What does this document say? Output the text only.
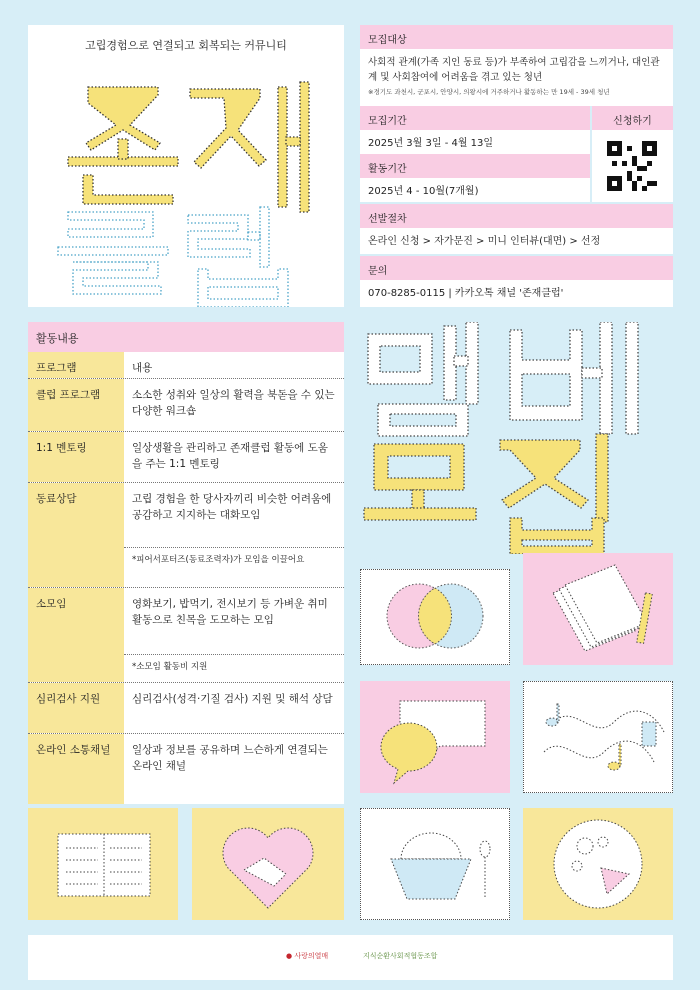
고립경험으로 연결되고 회복되는 커뮤니티	모집대상
사회적 관계(가족 지인 동료 등)가 부족하여 고립감을 느끼거나, 대인관계 및 사회참여에 어려움을 겪고 있는 청년
※경기도 과천시, 군포시, 안양시, 의왕시에 거주하거나 활동하는 만 19세 - 39세 청년
모집기간
2025년 3월 3일 - 4월 13일
활동기간
2025년 4 - 10월(7개월)
신청하기
선발절차
온라인 신청 > 자가문진 > 미니 인터뷰(대면) > 선정
문의
070-8285-0115 | 카카오톡 채널 '존재클럽'
활동내용
프로그램	내용
클럽 프로그램	소소한 성취와 일상의 활력을 북돋을 수 있는 다양한 워크숍
1:1 멘토링	일상생활을 관리하고 존재클럽 활동에 도움을 주는 1:1 멘토링
동료상담	고립 경험을 한 당사자끼리 비슷한 어려움에 공감하고 지지하는 대화모임
*피어서포터즈(동료조력자)가 모임을 이끌어요
소모임	영화보기, 밥먹기, 전시보기 등 가벼운 취미활동으로 친목을 도모하는 모임
*소모임 활동비 지원
심리검사 지원	심리검사(성격·기질 검사) 지원 및 해석 상담
온라인 소통채널	일상과 정보를 공유하며 느슨하게 연결되는 온라인 채널
● 사랑의열매	지식순환사회적협동조합
